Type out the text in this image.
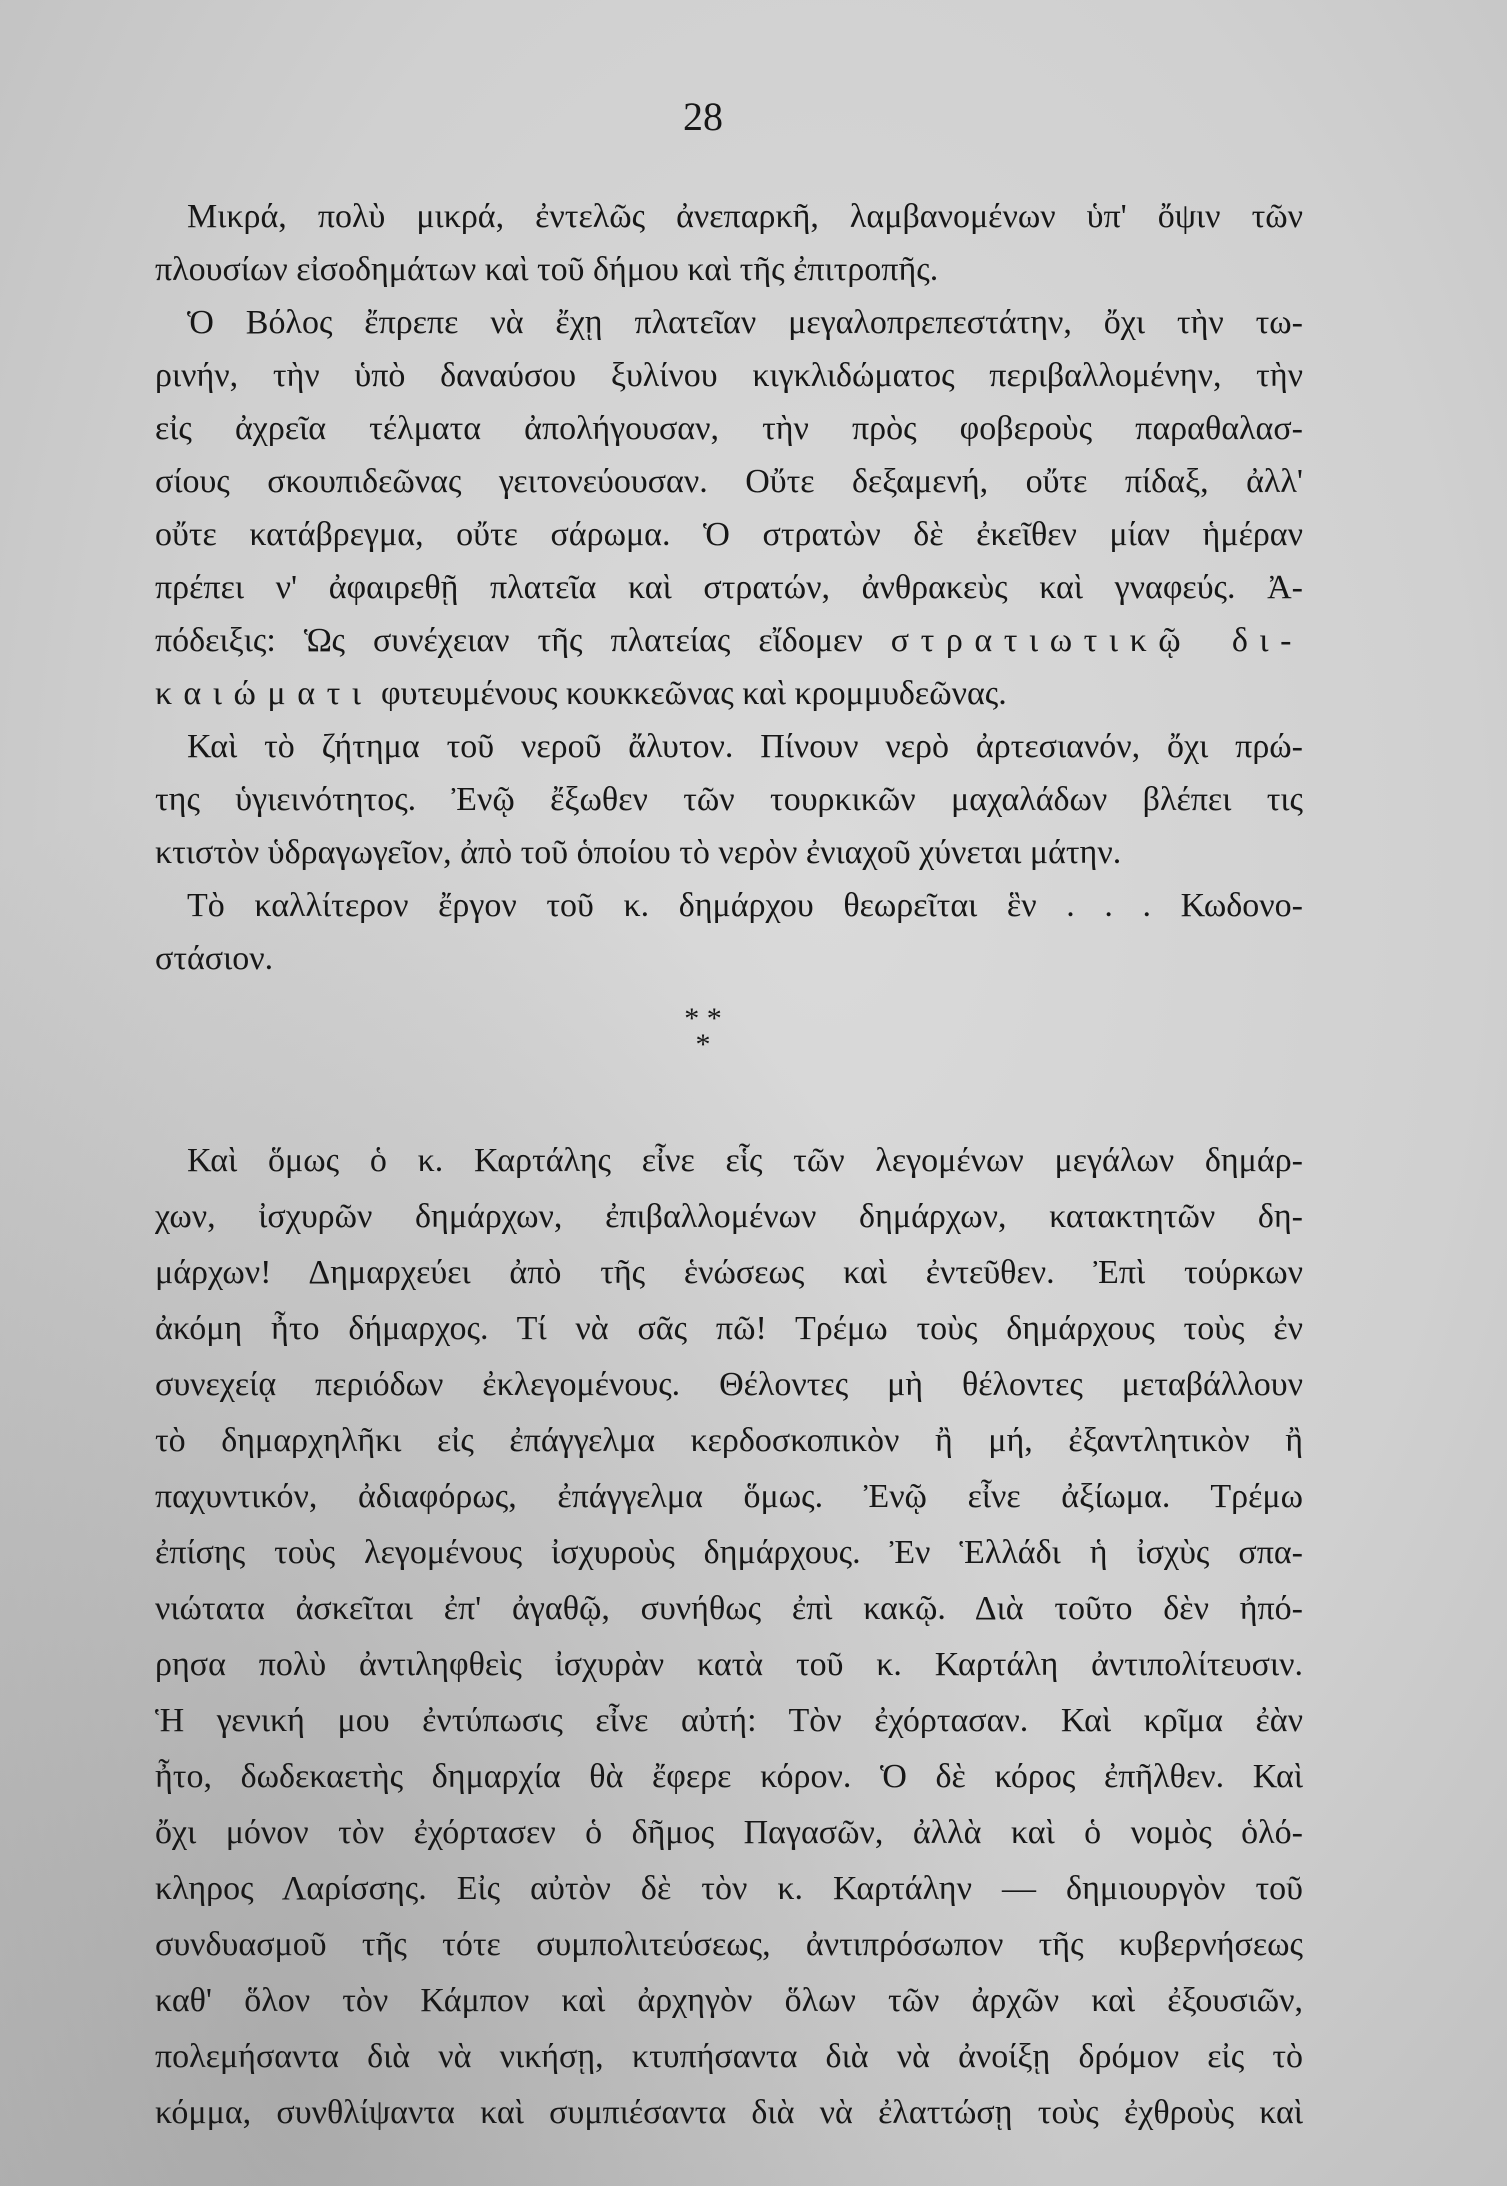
28
Μικρά, πολὺ μικρά, ἐντελῶς ἀνεπαρκῆ, λαμβανομένων ὑπ' ὄψιν τῶν
πλουσίων εἰσοδημάτων καὶ τοῦ δήμου καὶ τῆς ἐπιτροπῆς.
Ὁ Βόλος ἔπρεπε νὰ ἔχῃ πλατεῖαν μεγαλοπρεπεστάτην, ὄχι τὴν τω-
ρινήν, τὴν ὑπὸ δαναύσου ξυλίνου κιγκλιδώματος περιβαλλομένην, τὴν
εἰς ἀχρεῖα τέλματα ἀπολήγουσαν, τὴν πρὸς φοβεροὺς παραθαλασ-
σίους σκουπιδεῶνας γειτονεύουσαν. Οὔτε δεξαμενή, οὔτε πίδαξ, ἀλλ'
οὔτε κατάβρεγμα, οὔτε σάρωμα. Ὁ στρατὼν δὲ ἐκεῖθεν μίαν ἡμέραν
πρέπει ν' ἀφαιρεθῇ πλατεῖα καὶ στρατών, ἀνθρακεὺς καὶ γναφεύς. Ἀ-
πόδειξις: Ὡς συνέχειαν τῆς πλατείας εἴδομεν στρατιωτικῷ δι-
καιώματι φυτευμένους κουκκεῶνας καὶ κρομμυδεῶνας.
Καὶ τὸ ζήτημα τοῦ νεροῦ ἄλυτον. Πίνουν νερὸ ἀρτεσιανόν, ὄχι πρώ-
της ὑγιεινότητος. Ἐνῷ ἔξωθεν τῶν τουρκικῶν μαχαλάδων βλέπει τις
κτιστὸν ὑδραγωγεῖον, ἀπὸ τοῦ ὁποίου τὸ νερὸν ἐνιαχοῦ χύνεται μάτην.
Τὸ καλλίτερον ἔργον τοῦ κ. δημάρχου θεωρεῖται ἓν . . . Κωδονο-
στάσιον.
* *
*
Καὶ ὅμως ὁ κ. Καρτάλης εἶνε εἷς τῶν λεγομένων μεγάλων δημάρ-
χων, ἰσχυρῶν δημάρχων, ἐπιβαλλομένων δημάρχων, κατακτητῶν δη-
μάρχων! Δημαρχεύει ἀπὸ τῆς ἑνώσεως καὶ ἐντεῦθεν. Ἐπὶ τούρκων
ἀκόμη ἦτο δήμαρχος. Τί νὰ σᾶς πῶ! Τρέμω τοὺς δημάρχους τοὺς ἐν
συνεχείᾳ περιόδων ἐκλεγομένους. Θέλοντες μὴ θέλοντες μεταβάλλουν
τὸ δημαρχηλῆκι εἰς ἐπάγγελμα κερδοσκοπικὸν ἢ μή, ἐξαντλητικὸν ἢ
παχυντικόν, ἀδιαφόρως, ἐπάγγελμα ὅμως. Ἐνῷ εἶνε ἀξίωμα. Τρέμω
ἐπίσης τοὺς λεγομένους ἰσχυροὺς δημάρχους. Ἐν Ἑλλάδι ἡ ἰσχὺς σπα-
νιώτατα ἀσκεῖται ἐπ' ἀγαθῷ, συνήθως ἐπὶ κακῷ. Διὰ τοῦτο δὲν ἠπό-
ρησα πολὺ ἀντιληφθεὶς ἰσχυρὰν κατὰ τοῦ κ. Καρτάλη ἀντιπολίτευσιν.
Ἡ γενική μου ἐντύπωσις εἶνε αὐτή: Τὸν ἐχόρτασαν. Καὶ κρῖμα ἐὰν
ἦτο, δωδεκαετὴς δημαρχία θὰ ἔφερε κόρον. Ὁ δὲ κόρος ἐπῆλθεν. Καὶ
ὄχι μόνον τὸν ἐχόρτασεν ὁ δῆμος Παγασῶν, ἀλλὰ καὶ ὁ νομὸς ὁλό-
κληρος Λαρίσσης. Εἰς αὐτὸν δὲ τὸν κ. Καρτάλην — δημιουργὸν τοῦ
συνδυασμοῦ τῆς τότε συμπολιτεύσεως, ἀντιπρόσωπον τῆς κυβερνήσεως
καθ' ὅλον τὸν Κάμπον καὶ ἀρχηγὸν ὅλων τῶν ἀρχῶν καὶ ἐξουσιῶν,
πολεμήσαντα διὰ νὰ νικήσῃ, κτυπήσαντα διὰ νὰ ἀνοίξῃ δρόμον εἰς τὸ
κόμμα, συνθλίψαντα καὶ συμπιέσαντα διὰ νὰ ἐλαττώσῃ τοὺς ἐχθροὺς καὶ
